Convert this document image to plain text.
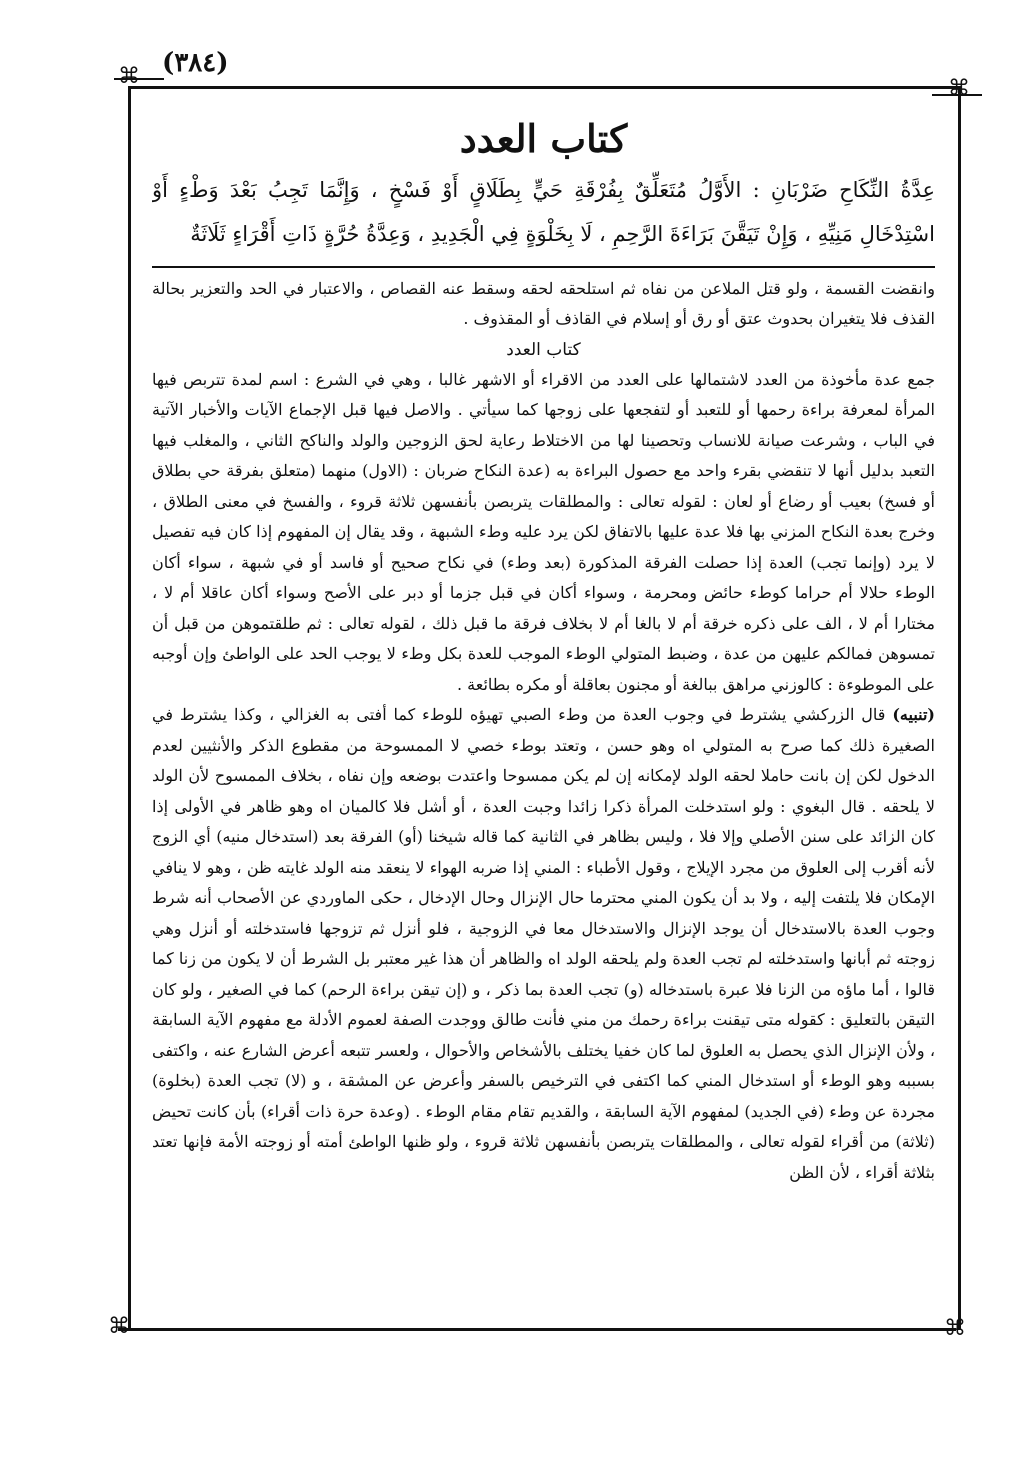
(٣٨٤)
⌘	⌘
⌘	⌘
كتاب العدد

عِدَّةُ النِّكَاحِ ضَرْبَانِ : الأَوَّلُ مُتَعَلِّقٌ بِفُرْقَةِ حَيٍّ بِطَلَاقٍ أَوْ فَسْخٍ ، وَإِنَّمَا تَجِبُ بَعْدَ وَطْءٍ أَوْ اسْتِدْخَالِ مَنِيِّهِ ، وَإِنْ تَيَقَّنَ بَرَاءَةَ الرَّحِمِ ، لَا بِخَلْوَةٍ فِي الْجَدِيدِ ، وَعِدَّةُ حُرَّةٍ ذَاتِ أَقْرَاءٍ ثَلَاثَةٌ

وانقضت القسمة ، ولو قتل الملاعن من نفاه ثم استلحقه لحقه وسقط عنه القصاص ، والاعتبار في الحد والتعزير بحالة القذف فلا يتغيران بحدوث عتق أو رق أو إسلام في القاذف أو المقذوف .

كتاب العدد

جمع عدة مأخوذة من العدد لاشتمالها على العدد من الاقراء أو الاشهر غالبا ، وهي في الشرع : اسم لمدة تتربص فيها المرأة لمعرفة براءة رحمها أو للتعبد أو لتفجعها على زوجها كما سيأتي . والاصل فيها قبل الإجماع الآيات والأخبار الآتية في الباب ، وشرعت صيانة للانساب وتحصينا لها من الاختلاط رعاية لحق الزوجين والولد والناكح الثاني ، والمغلب فيها التعبد بدليل أنها لا تنقضي بقرء واحد مع حصول البراءة به (عدة النكاح ضربان : (الاول) منهما (متعلق بفرقة حي بطلاق أو فسخ) بعيب أو رضاع أو لعان : لقوله تعالى : والمطلقات يتربصن بأنفسهن ثلاثة قروء ، والفسخ في معنى الطلاق ، وخرج بعدة النكاح المزني بها فلا عدة عليها بالاتفاق لكن يرد عليه وطء الشبهة ، وقد يقال إن المفهوم إذا كان فيه تفصيل لا يرد (وإنما تجب) العدة إذا حصلت الفرقة المذكورة (بعد وطء) في نكاح صحيح أو فاسد أو في شبهة ، سواء أكان الوطء حلالا أم حراما كوطء حائض ومحرمة ، وسواء أكان في قبل جزما أو دبر على الأصح وسواء أكان عاقلا أم لا ، مختارا أم لا ، الف على ذكره خرقة أم لا بالغا أم لا بخلاف فرقة ما قبل ذلك ، لقوله تعالى : ثم طلقتموهن من قبل أن تمسوهن فمالكم عليهن من عدة ، وضبط المتولي الوطء الموجب للعدة بكل وطء لا يوجب الحد على الواطئ وإن أوجبه على الموطوءة : كالوزني مراهق ببالغة أو مجنون بعاقلة أو مكره بطائعة .

(تنبيه) قال الزركشي يشترط في وجوب العدة من وطء الصبي تهيؤه للوطء كما أفتى به الغزالي ، وكذا يشترط في الصغيرة ذلك كما صرح به المتولي اه وهو حسن ، وتعتد بوطء خصي لا الممسوحة من مقطوع الذكر والأنثيين لعدم الدخول لكن إن بانت حاملا لحقه الولد لإمكانه إن لم يكن ممسوحا واعتدت بوضعه وإن نفاه ، بخلاف الممسوح لأن الولد لا يلحقه . قال البغوي : ولو استدخلت المرأة ذكرا زائدا وجبت العدة ، أو أشل فلا كالميان اه وهو ظاهر في الأولى إذا كان الزائد على سنن الأصلي وإلا فلا ، وليس بظاهر في الثانية كما قاله شيخنا (أو) الفرقة بعد (استدخال منيه) أي الزوج لأنه أقرب إلى العلوق من مجرد الإيلاج ، وقول الأطباء : المني إذا ضربه الهواء لا ينعقد منه الولد غايته ظن ، وهو لا ينافي الإمكان فلا يلتفت إليه ، ولا بد أن يكون المني محترما حال الإنزال وحال الإدخال ، حكى الماوردي عن الأصحاب أنه شرط وجوب العدة بالاستدخال أن يوجد الإنزال والاستدخال معا في الزوجية ، فلو أنزل ثم تزوجها فاستدخلته أو أنزل وهي زوجته ثم أبانها واستدخلته لم تجب العدة ولم يلحقه الولد اه والظاهر أن هذا غير معتبر بل الشرط أن لا يكون من زنا كما قالوا ، أما ماؤه من الزنا فلا عبرة باستدخاله (و) تجب العدة بما ذكر ، و (إن تيقن براءة الرحم) كما في الصغير ، ولو كان التيقن بالتعليق : كقوله متى تيقنت براءة رحمك من مني فأنت طالق ووجدت الصفة لعموم الأدلة مع مفهوم الآية السابقة ، ولأن الإنزال الذي يحصل به العلوق لما كان خفيا يختلف بالأشخاص والأحوال ، ولعسر تتبعه أعرض الشارع عنه ، واكتفى بسببه وهو الوطء أو استدخال المني كما اكتفى في الترخيص بالسفر وأعرض عن المشقة ، و (لا) تجب العدة (بخلوة) مجردة عن وطء (في الجديد) لمفهوم الآية السابقة ، والقديم تقام مقام الوطء . (وعدة حرة ذات أقراء) بأن كانت تحيض (ثلاثة) من أقراء لقوله تعالى ، والمطلقات يتربصن بأنفسهن ثلاثة قروء ، ولو ظنها الواطئ أمته أو زوجته الأمة فإنها تعتد بثلاثة أقراء ، لأن الظن
